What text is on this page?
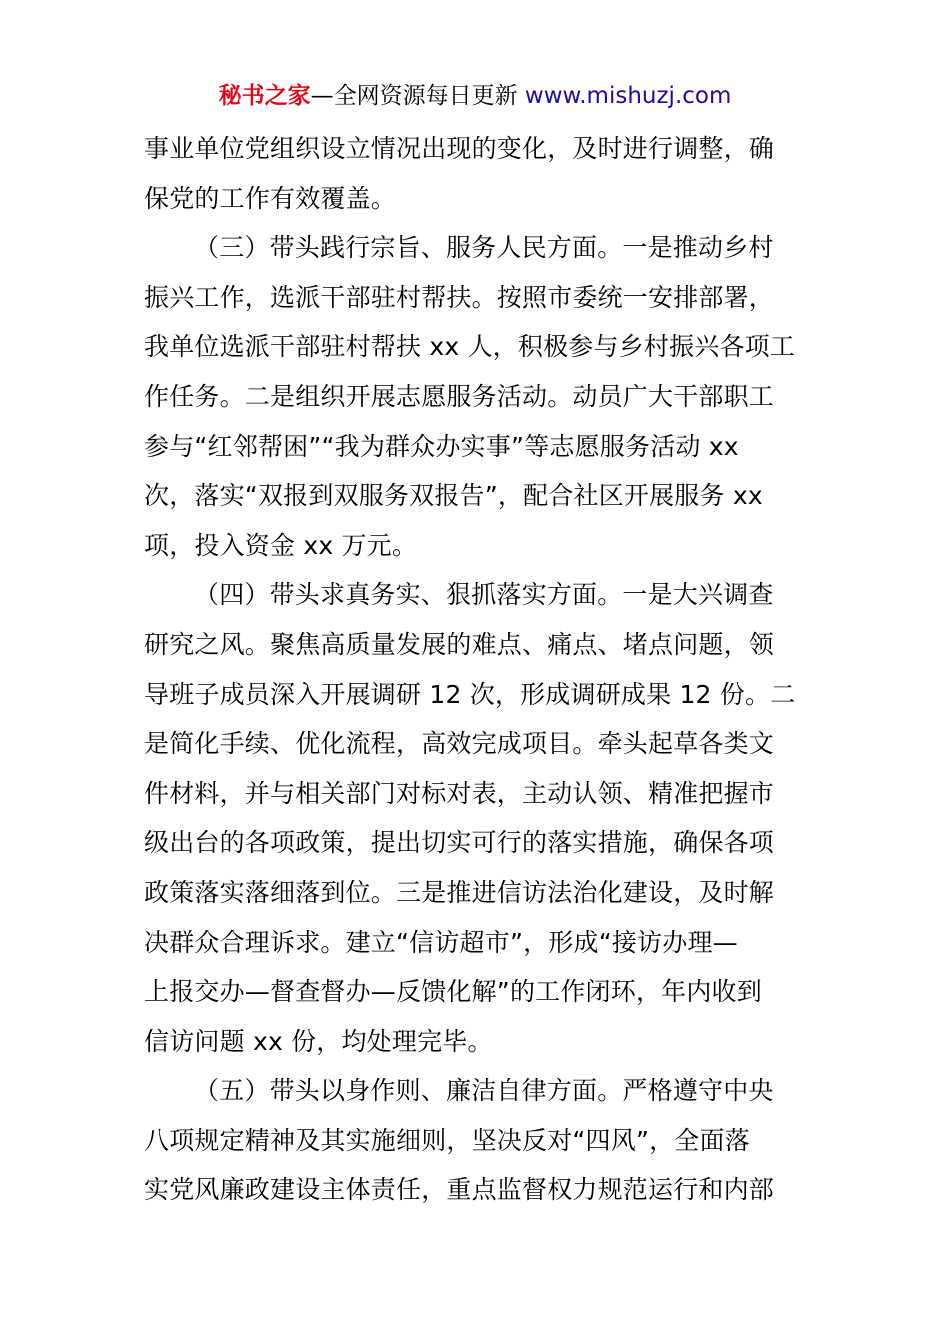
秘书之家—全网资源每日更新 www.mishuzj.com
事业单位党组织设立情况出现的变化，及时进行调整，确
保党的工作有效覆盖。
（三）带头践行宗旨、服务人民方面。一是推动乡村
振兴工作，选派干部驻村帮扶。按照市委统一安排部署，
我单位选派干部驻村帮扶 xx 人，积极参与乡村振兴各项工
作任务。二是组织开展志愿服务活动。动员广大干部职工
参与“红邻帮困”“我为群众办实事”等志愿服务活动 xx
次，落实“双报到双服务双报告”，配合社区开展服务 xx
项，投入资金 xx 万元。
（四）带头求真务实、狠抓落实方面。一是大兴调查
研究之风。聚焦高质量发展的难点、痛点、堵点问题，领
导班子成员深入开展调研 12 次，形成调研成果 12 份。二
是简化手续、优化流程，高效完成项目。牵头起草各类文
件材料，并与相关部门对标对表，主动认领、精准把握市
级出台的各项政策，提出切实可行的落实措施，确保各项
政策落实落细落到位。三是推进信访法治化建设，及时解
决群众合理诉求。建立“信访超市”，形成“接访办理—
上报交办—督查督办—反馈化解”的工作闭环，年内收到
信访问题 xx 份，均处理完毕。
（五）带头以身作则、廉洁自律方面。严格遵守中央
八项规定精神及其实施细则，坚决反对“四风”，全面落
实党风廉政建设主体责任，重点监督权力规范运行和内部
